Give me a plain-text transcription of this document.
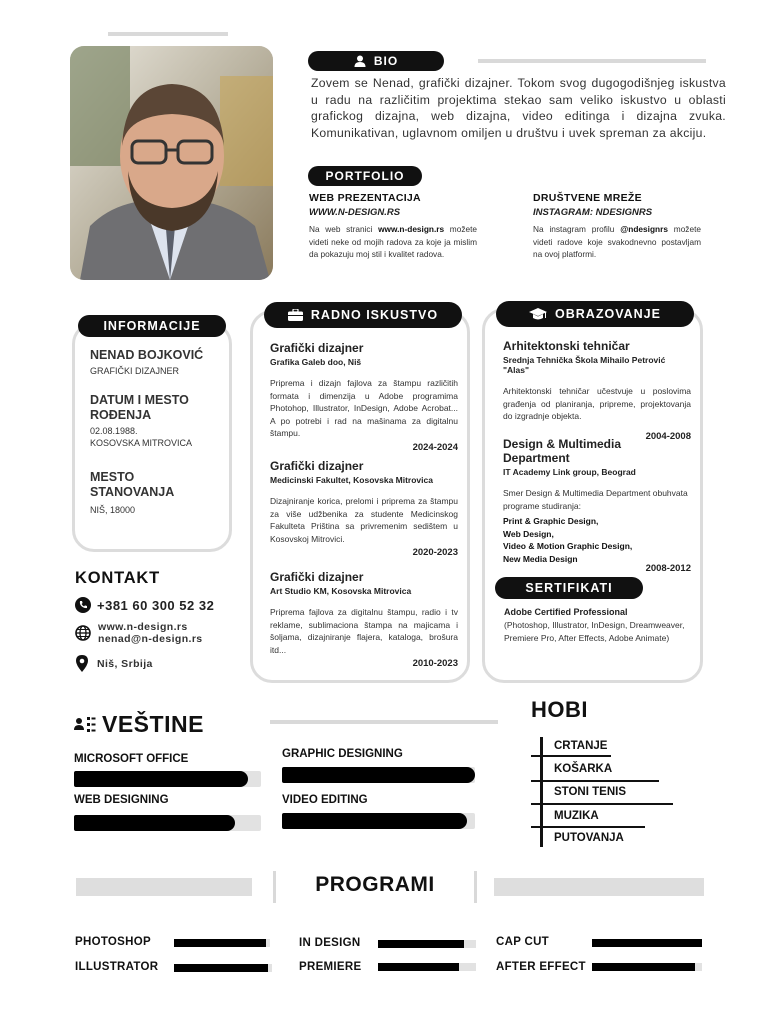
BIO
Zovem se Nenad, grafički dizajner. Tokom svog dugogodišnjeg iskustva u radu na različitim projektima stekao sam veliko iskustvo u oblasti grafickog dizajna, web dizajna, video editinga i dizajna zvuka. Komunikativan, uglavnom omiljen u društvu i uvek spreman za akciju.
PORTFOLIO
WEB PREZENTACIJA
WWW.N-DESIGN.RS
Na web stranici www.n-design.rs možete videti neke od mojih radova za koje ja mislim da pokazuju moj stil i kvalitet radova.
DRUŠTVENE MREŽE
INSTAGRAM: NDESIGNRS
Na instagram profilu @ndesignrs možete videti radove koje svakodnevno postavljam na ovoj platformi.
INFORMACIJE
NENAD BOJKOVIĆ
GRAFIČKI DIZAJNER
DATUM I MESTO ROĐENJA
02.08.1988.
KOSOVSKA MITROVICA
MESTO STANOVANJA
NIŠ, 18000
KONTAKT
+381 60 300 52 32
www.n-design.rs
nenad@n-design.rs
Niš, Srbija
RADNO ISKUSTVO
Grafički dizajner
Grafika Galeb doo, Niš
Priprema i dizajn fajlova za štampu različitih formata i dimenzija u Adobe programima Photohop, Illustrator, InDesign, Adobe Acrobat... A po potrebi i rad na mašinama za digitalnu štampu.
2024-2024
Grafički dizajner
Medicinski Fakultet, Kosovska Mitrovica
Dizajniranje korica, prelomi i priprema za štampu za više udžbenika za studente Medicinskog Fakulteta Priština sa privremenim sedištem u Kosovskoj Mitrovici.
2020-2023
Grafički dizajner
Art Studio KM, Kosovska Mitrovica
Priprema fajlova za digitalnu štampu, radio i tv reklame, sublimaciona štampa na majicama i šoljama, dizajniranje flajera, kataloga, brošura itd...
2010-2023
OBRAZOVANJE
Arhitektonski tehničar
Srednja Tehnička Škola Mihailo Petrović "Alas"
Arhitektonski tehničar učestvuje u poslovima građenja od planiranja, pripreme, projektovanja do izgradnje objekta.
2004-2008
Design & Multimedia Department
IT Academy Link group, Beograd
Smer Design & Multimedia Department obuhvata programe studiranja:
Print & Graphic Design,
Web Design,
Video & Motion Graphic Design,
New Media Design
2008-2012
SERTIFIKATI
Adobe Certified Professional
(Photoshop, Illustrator, InDesign, Dreamweaver, Premiere Pro, After Effects, Adobe Animate)
VEŠTINE
MICROSOFT OFFICE
WEB DESIGNING
GRAPHIC DESIGNING
VIDEO EDITING
HOBI
CRTANJE
KOŠARKA
STONI TENIS
MUZIKA
PUTOVANJA
PROGRAMI
PHOTOSHOP
ILLUSTRATOR
IN DESIGN
PREMIERE
CAP CUT
AFTER EFFECT
